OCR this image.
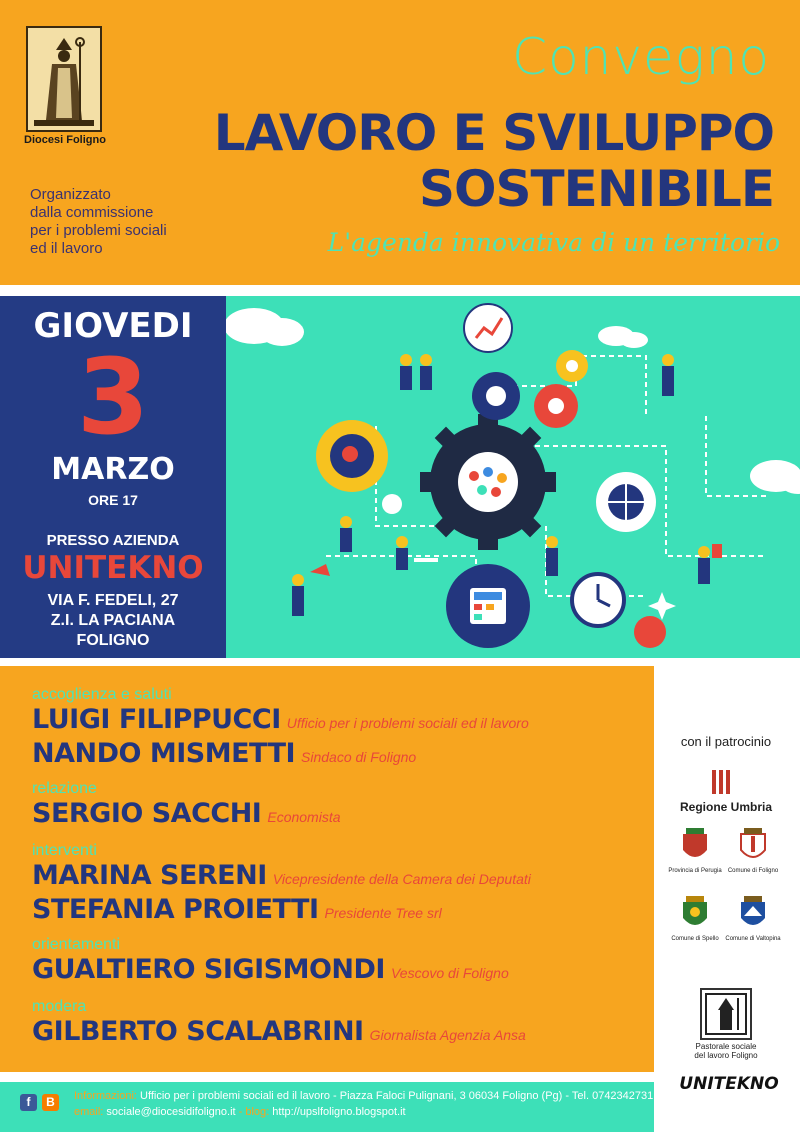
Diocesi Foligno
Organizzato
dalla commissione
per i problemi sociali
ed il lavoro
Convegno
LAVORO E SVILUPPO
SOSTENIBILE
L'agenda innovativa di un territorio
GIOVEDI
3
MARZO
ORE 17
PRESSO AZIENDA
UNITEKNO
VIA F. FEDELI, 27
Z.I. LA PACIANA
FOLIGNO
accoglienza e saluti
LUIGI FILIPPUCCI Ufficio per i problemi sociali ed il lavoro
NANDO MISMETTI Sindaco di Foligno
relazione
SERGIO SACCHI Economista
interventi
MARINA SERENI Vicepresidente della Camera dei Deputati
STEFANIA PROIETTI Presidente Tree srl
orientamenti
GUALTIERO SIGISMONDI Vescovo di Foligno
modera
GILBERTO SCALABRINI Giornalista Agenzia Ansa
con il patrocinio
Regione Umbria
Provincia di Perugia	Comune di Foligno
Comune di Spello	Comune di Valtopina
Pastorale sociale
del lavoro Foligno
UNITEKNO
f	B	Informazioni: Ufficio per i problemi sociali ed il lavoro - Piazza Faloci Pulignani, 3 06034 Foligno (Pg) - Tel. 0742342731
email: sociale@diocesidifoligno.it - blog: http://upslfoligno.blogspot.it
